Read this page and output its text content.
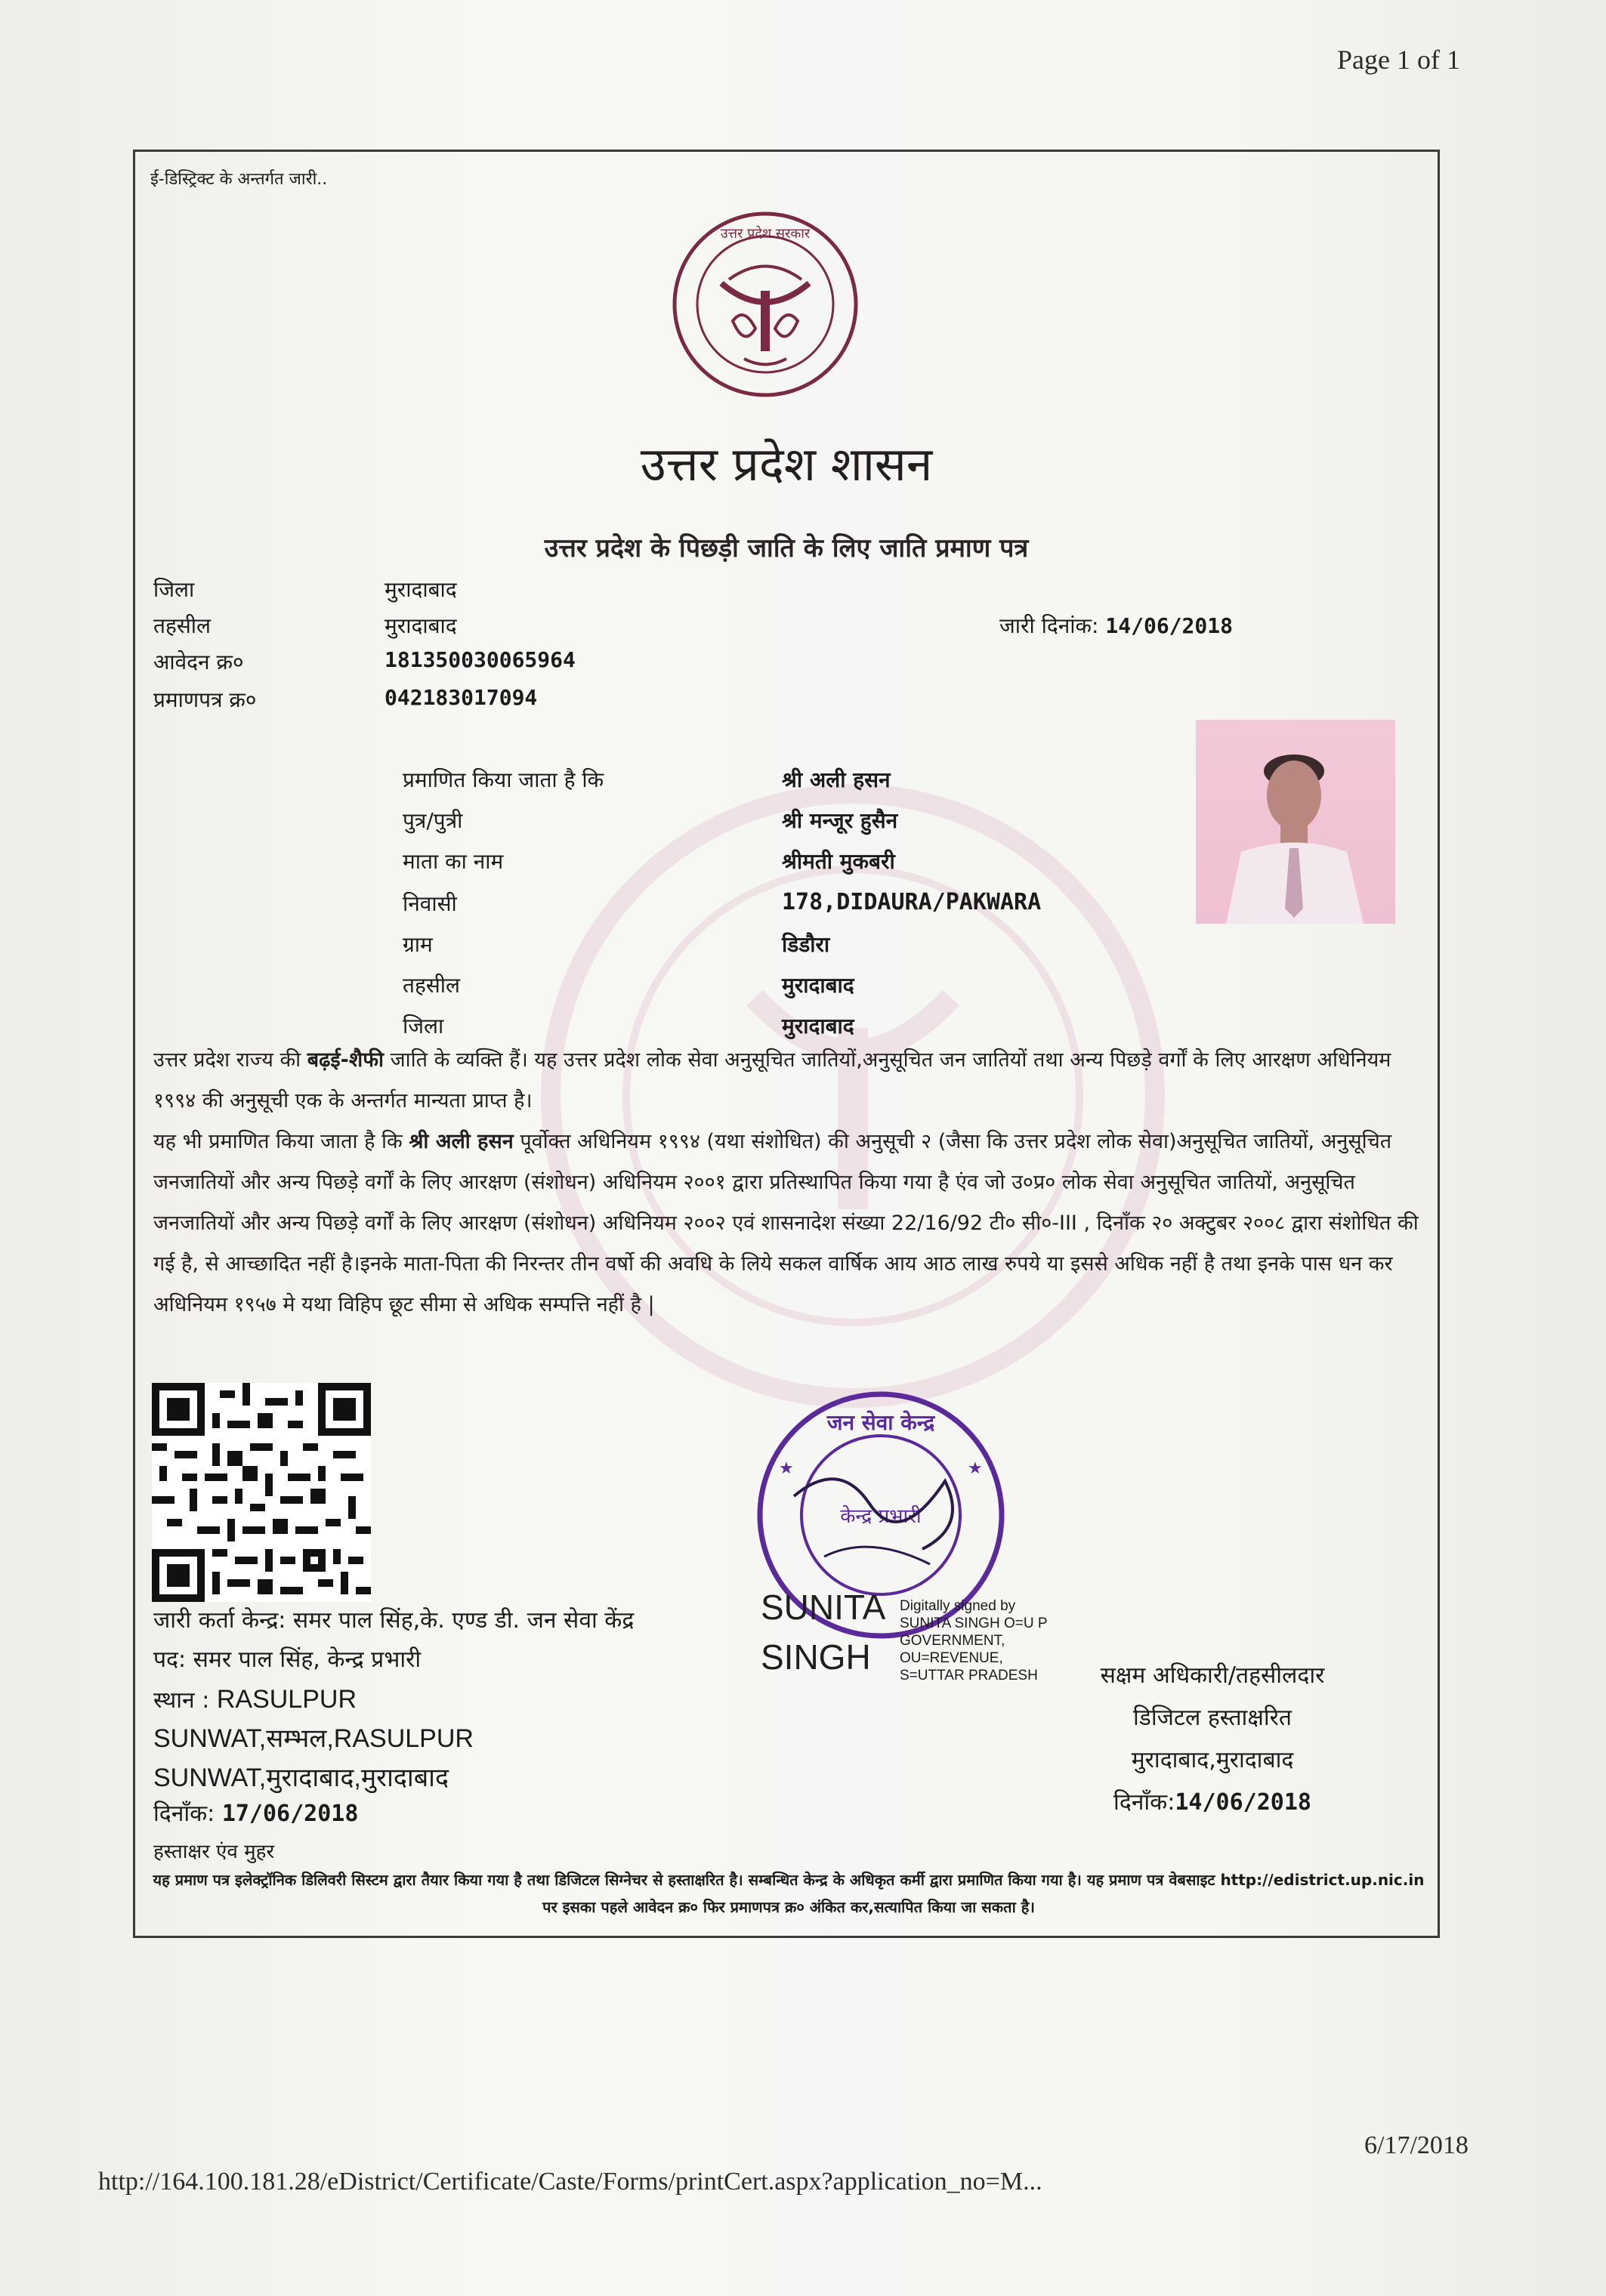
Page 1 of 1
ई-डिस्ट्रिक्ट के अन्तर्गत जारी..
उत्तर प्रदेश सरकार
उत्तर प्रदेश शासन
उत्तर प्रदेश के पिछड़ी जाति के लिए जाति प्रमाण पत्र
जिला	मुरादाबाद
तहसील	मुरादाबाद
आवेदन क्र०	181350030065964
प्रमाणपत्र क्र०	042183017094
जारी दिनांक: 14/06/2018
प्रमाणित किया जाता है कि	श्री अली हसन
पुत्र/पुत्री	श्री मन्जूर हुसैन
माता का नाम	श्रीमती मुकबरी
निवासी	178,DIDAURA/PAKWARA
ग्राम	डिडौरा
तहसील	मुरादाबाद
जिला	मुरादाबाद
उत्तर प्रदेश राज्य की बढ़ई-शैफी जाति के व्यक्ति हैं। यह उत्तर प्रदेश लोक सेवा अनुसूचित जातियों,अनुसूचित जन जातियों तथा अन्य पिछड़े वर्गों के लिए आरक्षण अधिनियम १९९४ की अनुसूची एक के अन्तर्गत मान्यता प्राप्त है।
यह भी प्रमाणित किया जाता है कि श्री अली हसन पूर्वोक्त अधिनियम १९९४ (यथा संशोधित) की अनुसूची २ (जैसा कि उत्तर प्रदेश लोक सेवा)अनुसूचित जातियों, अनुसूचित जनजातियों और अन्य पिछड़े वर्गों के लिए आरक्षण (संशोधन) अधिनियम २००१ द्वारा प्रतिस्थापित किया गया है एंव जो उ०प्र० लोक सेवा अनुसूचित जातियों, अनुसूचित जनजातियों और अन्य पिछड़े वर्गों के लिए आरक्षण (संशोधन) अधिनियम २००२ एवं शासनादेश संख्या 22/16/92 टी० सी०-III , दिनाँक २० अक्टुबर २००८ द्वारा संशोधित की गई है, से आच्छादित नहीं है।इनके माता-पिता की निरन्तर तीन वर्षो की अवधि के लिये सकल वार्षिक आय आठ लाख रुपये या इससे अधिक नहीं है तथा इनके पास धन कर अधिनियम १९५७ मे यथा विहिप छूट सीमा से अधिक सम्पत्ति नहीं है |
जन सेवा केन्द्र
केन्द्र प्रभारी
★	★
SUNITA
SINGH
Digitally signed by SUNITA SINGH O=U P GOVERNMENT, OU=REVENUE, S=UTTAR PRADESH
जारी कर्ता केन्द्र: समर पाल सिंह,के. एण्ड डी. जन सेवा केंद्र
पद: समर पाल सिंह, केन्द्र प्रभारी
स्थान : RASULPUR
SUNWAT,सम्भल,RASULPUR
SUNWAT,मुरादाबाद,मुरादाबाद
दिनाँक: 17/06/2018
हस्ताक्षर एंव मुहर
सक्षम अधिकारी/तहसीलदार
डिजिटल हस्ताक्षरित
मुरादाबाद,मुरादाबाद
दिनाँक:14/06/2018
यह प्रमाण पत्र इलेक्ट्रॉनिक डिलिवरी सिस्टम द्वारा तैयार किया गया है तथा डिजिटल सिग्नेचर से हस्ताक्षरित है। सम्बन्धित केन्द्र के अधिकृत कर्मी द्वारा प्रमाणित किया गया है। यह प्रमाण पत्र वेबसाइट http://edistrict.up.nic.in पर इसका पहले आवेदन क्र० फिर प्रमाणपत्र क्र० अंकित कर,सत्यापित किया जा सकता है।
http://164.100.181.28/eDistrict/Certificate/Caste/Forms/printCert.aspx?application_no=M...
6/17/2018
